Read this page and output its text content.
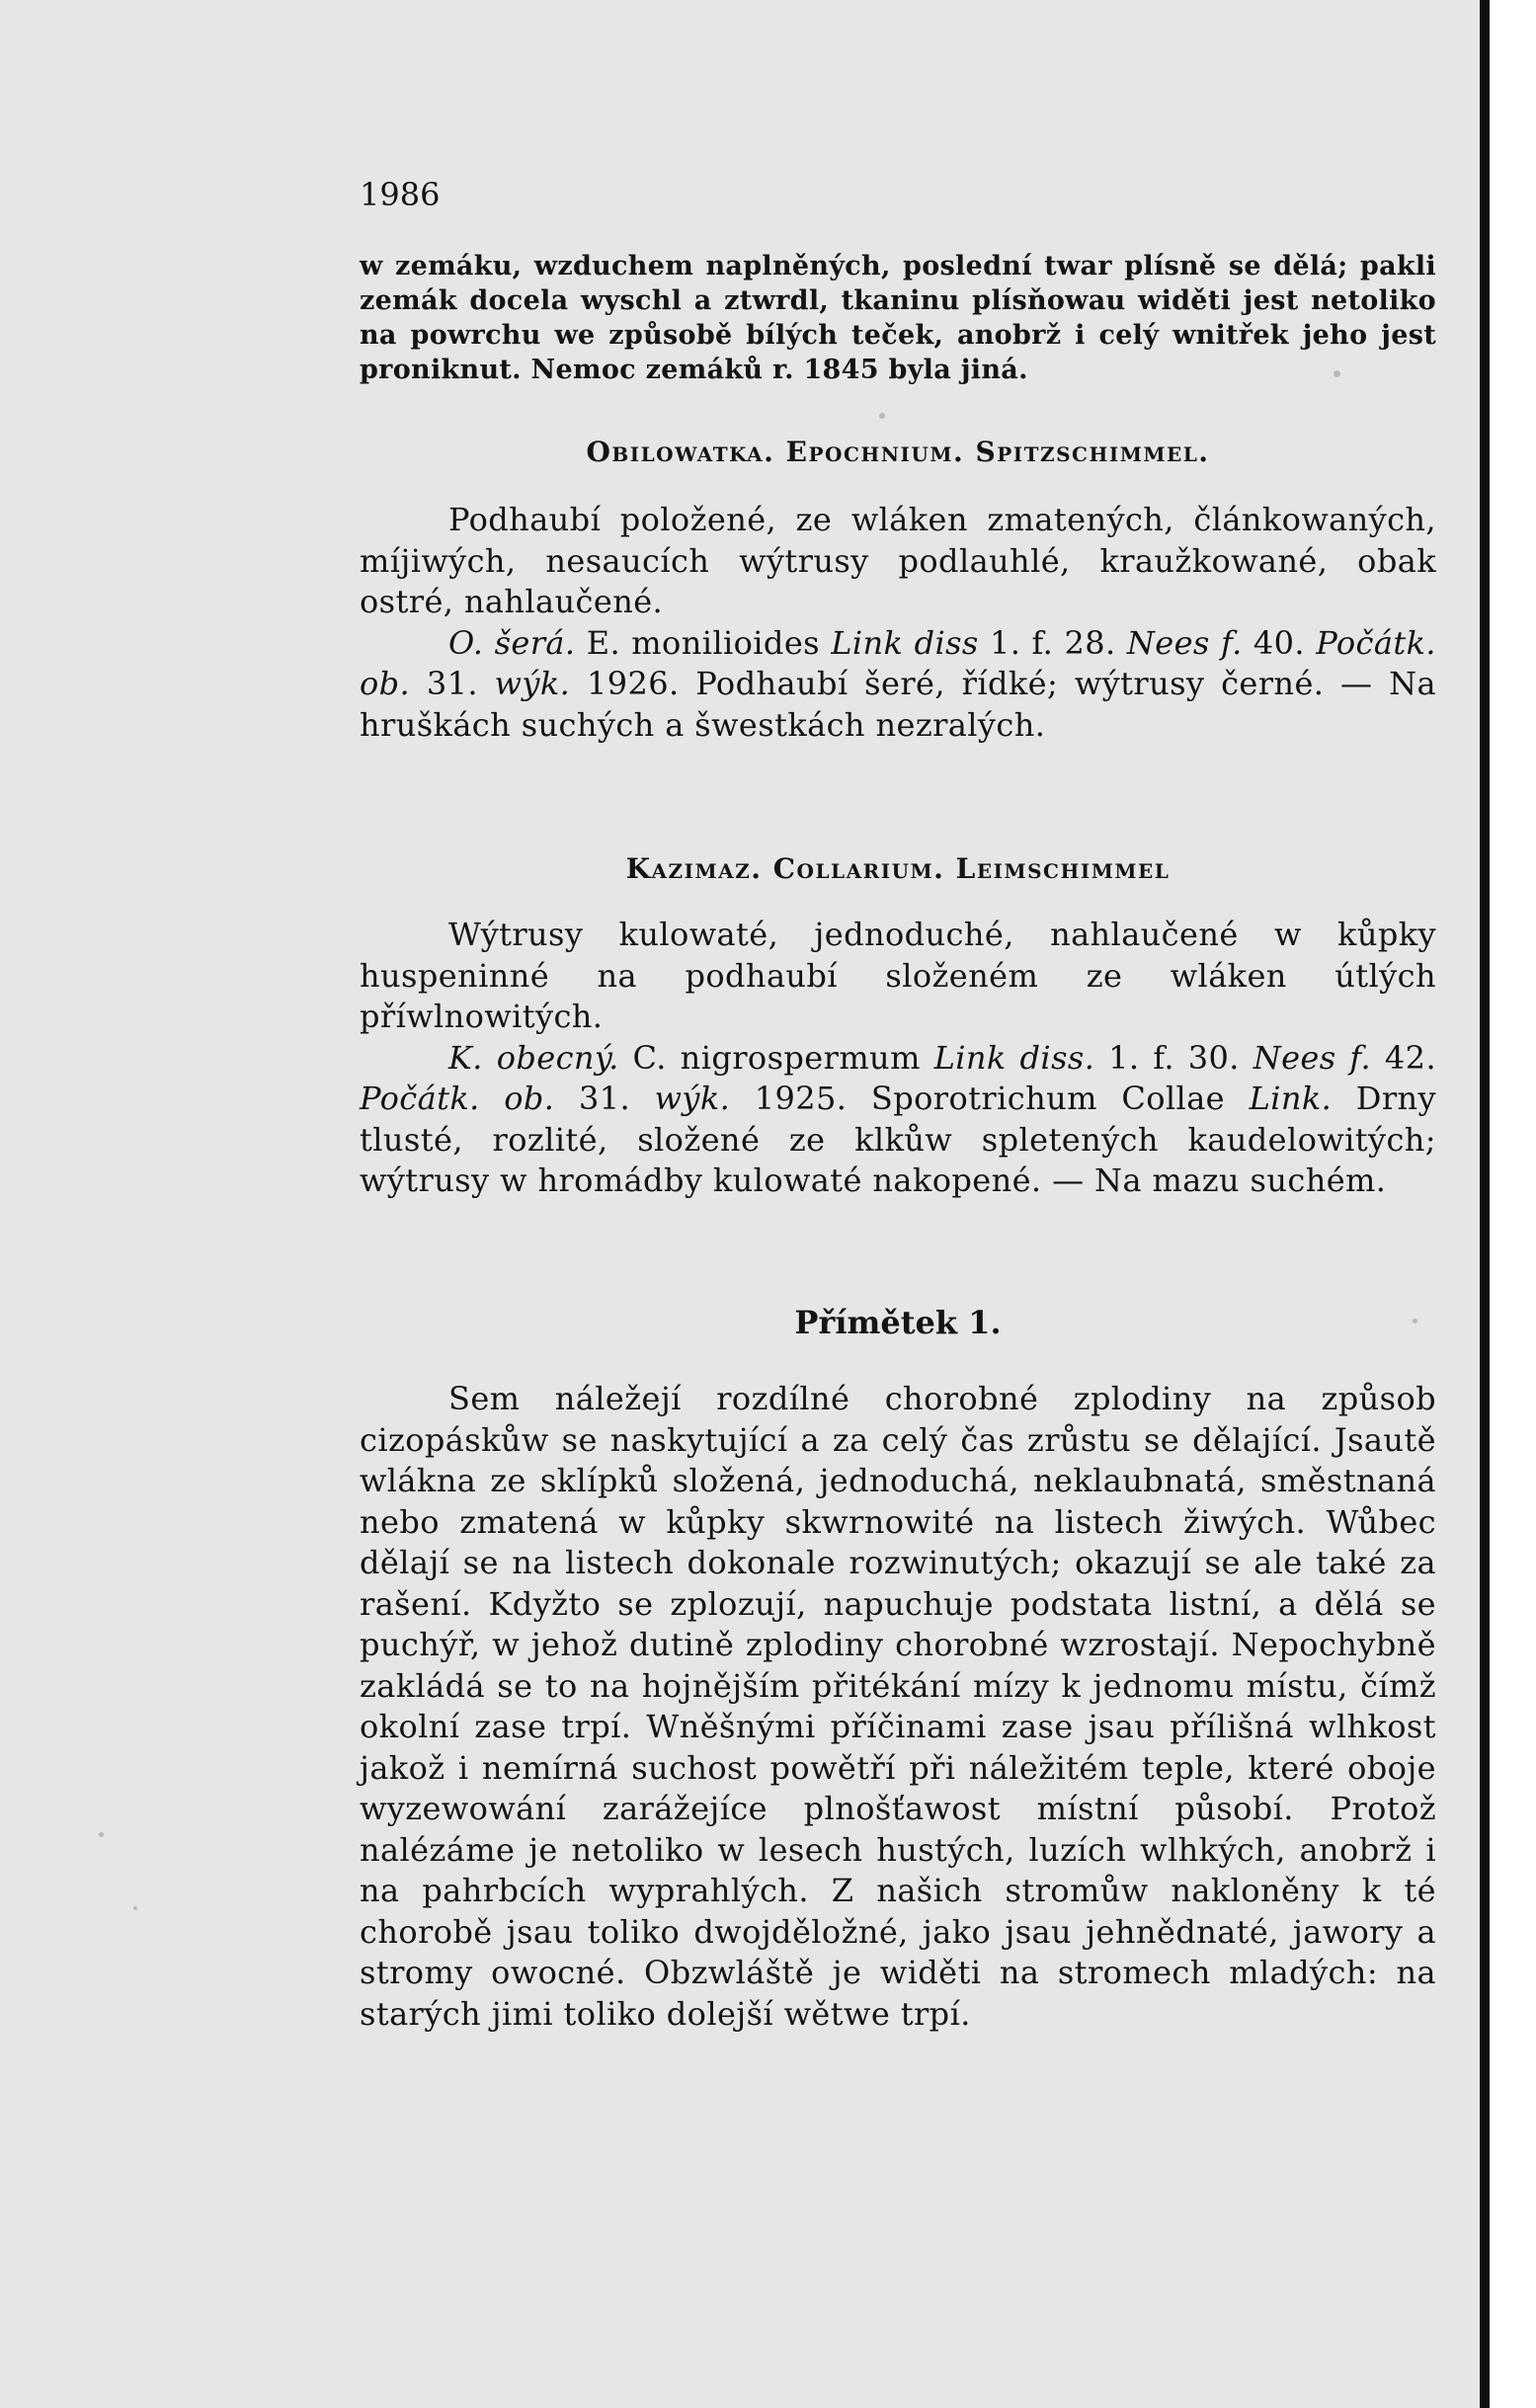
1986
w zemáku, wzduchem naplněných, poslední twar plísně se dělá; pakli zemák docela wyschl a ztwrdl, tkaninu plísňowau widěti jest netoliko na powrchu we způsobě bílých teček, anobrž i celý wnitřek jeho jest proniknut. Nemoc zemáků r. 1845 byla jiná.
Obilowatka. Epochnium. Spitzschimmel.
Podhaubí položené, ze wláken zmatených, článkowaných, míjiwých, nesaucích wýtrusy podlauhlé, kraužkowané, obak ostré, nahlaučené.
O. šerá. E. monilioides Link diss 1. f. 28. Nees f. 40. Počátk. ob. 31. wýk. 1926. Podhaubí šeré, řídké; wýtrusy černé. — Na hruškách suchých a šwestkách nezralých.
Kazimaz. Collarium. Leimschimmel
Wýtrusy kulowaté, jednoduché, nahlaučené w kůpky huspeninné na podhaubí složeném ze wláken útlých příwlnowitých.
K. obecný. C. nigrospermum Link diss. 1. f. 30. Nees f. 42. Počátk. ob. 31. wýk. 1925. Sporotrichum Collae Link. Drny tlusté, rozlité, složené ze klkůw spletených kaudelowitých; wýtrusy w hromádby kulowaté nakopené. — Na mazu suchém.
Přímětek 1.
Sem náležejí rozdílné chorobné zplodiny na způsob cizopáskůw se naskytující a za celý čas zrůstu se dělající. Jsautě wlákna ze sklípků složená, jednoduchá, neklaubnatá, směstnaná nebo zmatená w kůpky skwrnowité na listech žiwých. Wůbec dělají se na listech dokonale rozwinutých; okazují se ale také za rašení. Kdyžto se zplozují, napuchuje podstata listní, a dělá se puchýř, w jehož dutině zplodiny chorobné wzrostají. Nepochybně zakládá se to na hojnějším přitékání mízy k jednomu místu, čímž okolní zase trpí. Wněšnými příčinami zase jsau přílišná wlhkost jakož i nemírná suchost powětří při náležitém teple, které oboje wyzewowání zarážejíce plnošťawost místní působí. Protož nalézáme je netoliko w lesech hustých, luzích wlhkých, anobrž i na pahrbcích wyprahlých. Z našich stromůw nakloněny k té chorobě jsau toliko dwojděložné, jako jsau jehnědnaté, jawory a stromy owocné. Obzwláště je widěti na stromech mladých: na starých jimi toliko dolejší wětwe trpí.
